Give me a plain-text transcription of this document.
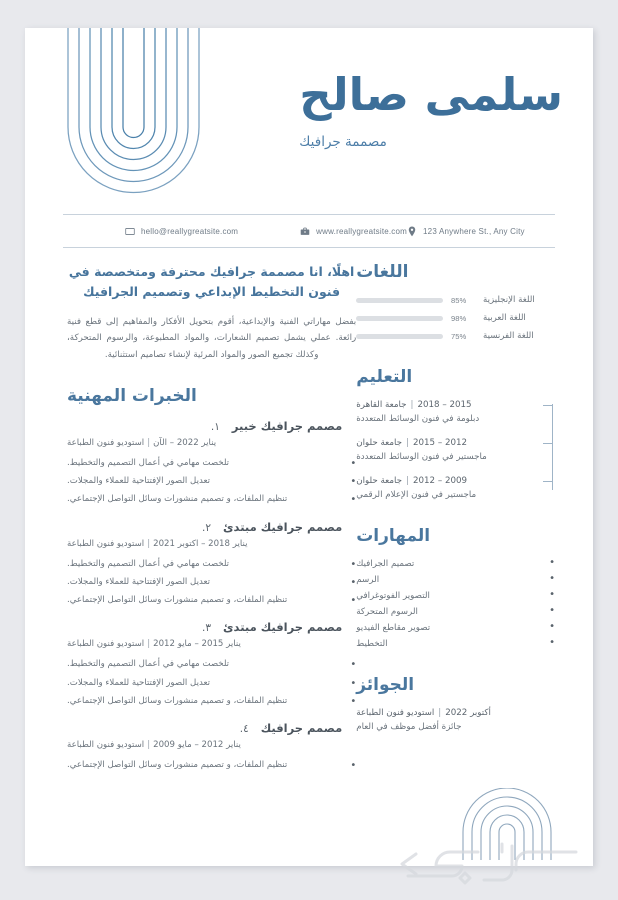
سلمى صالح
مصممة جرافيك
123 Anywhere St., Any City
www.reallygreatsite.com
hello@reallygreatsite.com
اللغات
اللغة الإنجليزية
85%
اللغة العربية
98%
اللغة الفرنسية
75%
التعليم
2015 – 2018|جامعة القاهرة
دبلومة في فنون الوسائط المتعددة
2012 – 2015|جامعة حلوان
ماجستير في فنون الوسائط المتعددة
2009 – 2012|جامعة حلوان
ماجستير في فنون الإعلام الرقمي
المهارات
تصميم الجرافيك •
الرسم •
التصوير الفوتوغرافي •
الرسوم المتحركة •
تصوير مقاطع الفيديو •
التخطيط •
الجوائز
أكتوبر 2022|استوديو فنون الطباعة
جائزة أفضل موظف في العام
اهلًا، انا مصممة جرافيك محترفة ومتخصصة في فنون التخطيط الإبداعي وتصميم الجرافيك
بفضل مهاراتي الفنية والإبداعية، أقوم بتحويل الأفكار والمفاهيم إلى قطع فنية رائعة. عملي يشمل تصميم الشعارات، والمواد المطبوعة، والرسوم المتحركة، وكذلك تجميع الصور والمواد المرئية لإنشاء تصاميم استثنائية.
الخبرات المهنية
مصمم جرافيك خبير
١.
يناير 2022 – الآن|استوديو فنون الطباعة
تلخصت مهامي في أعمال التصميم والتخطيط. •
تعديل الصور الإفتتاحية للعملاء والمجلات. •
تنظيم الملفات، و تصميم منشورات وسائل التواصل الإجتماعي. •
مصمم جرافيك مبتدئ
٢.
يناير 2018 – اكتوبر 2021|استوديو فنون الطباعة
تلخصت مهامي في أعمال التصميم والتخطيط. •
تعديل الصور الإفتتاحية للعملاء والمجلات. •
تنظيم الملفات، و تصميم منشورات وسائل التواصل الإجتماعي. •
مصمم جرافيك مبتدئ
٣.
يناير 2015 – مايو 2012|استوديو فنون الطباعة
تلخصت مهامي في أعمال التصميم والتخطيط. •
تعديل الصور الإفتتاحية للعملاء والمجلات. •
تنظيم الملفات، و تصميم منشورات وسائل التواصل الإجتماعي. •
مصمم جرافيك
٤.
يناير 2012 – مايو 2009|استوديو فنون الطباعة
تنظيم الملفات، و تصميم منشورات وسائل التواصل الإجتماعي. •
